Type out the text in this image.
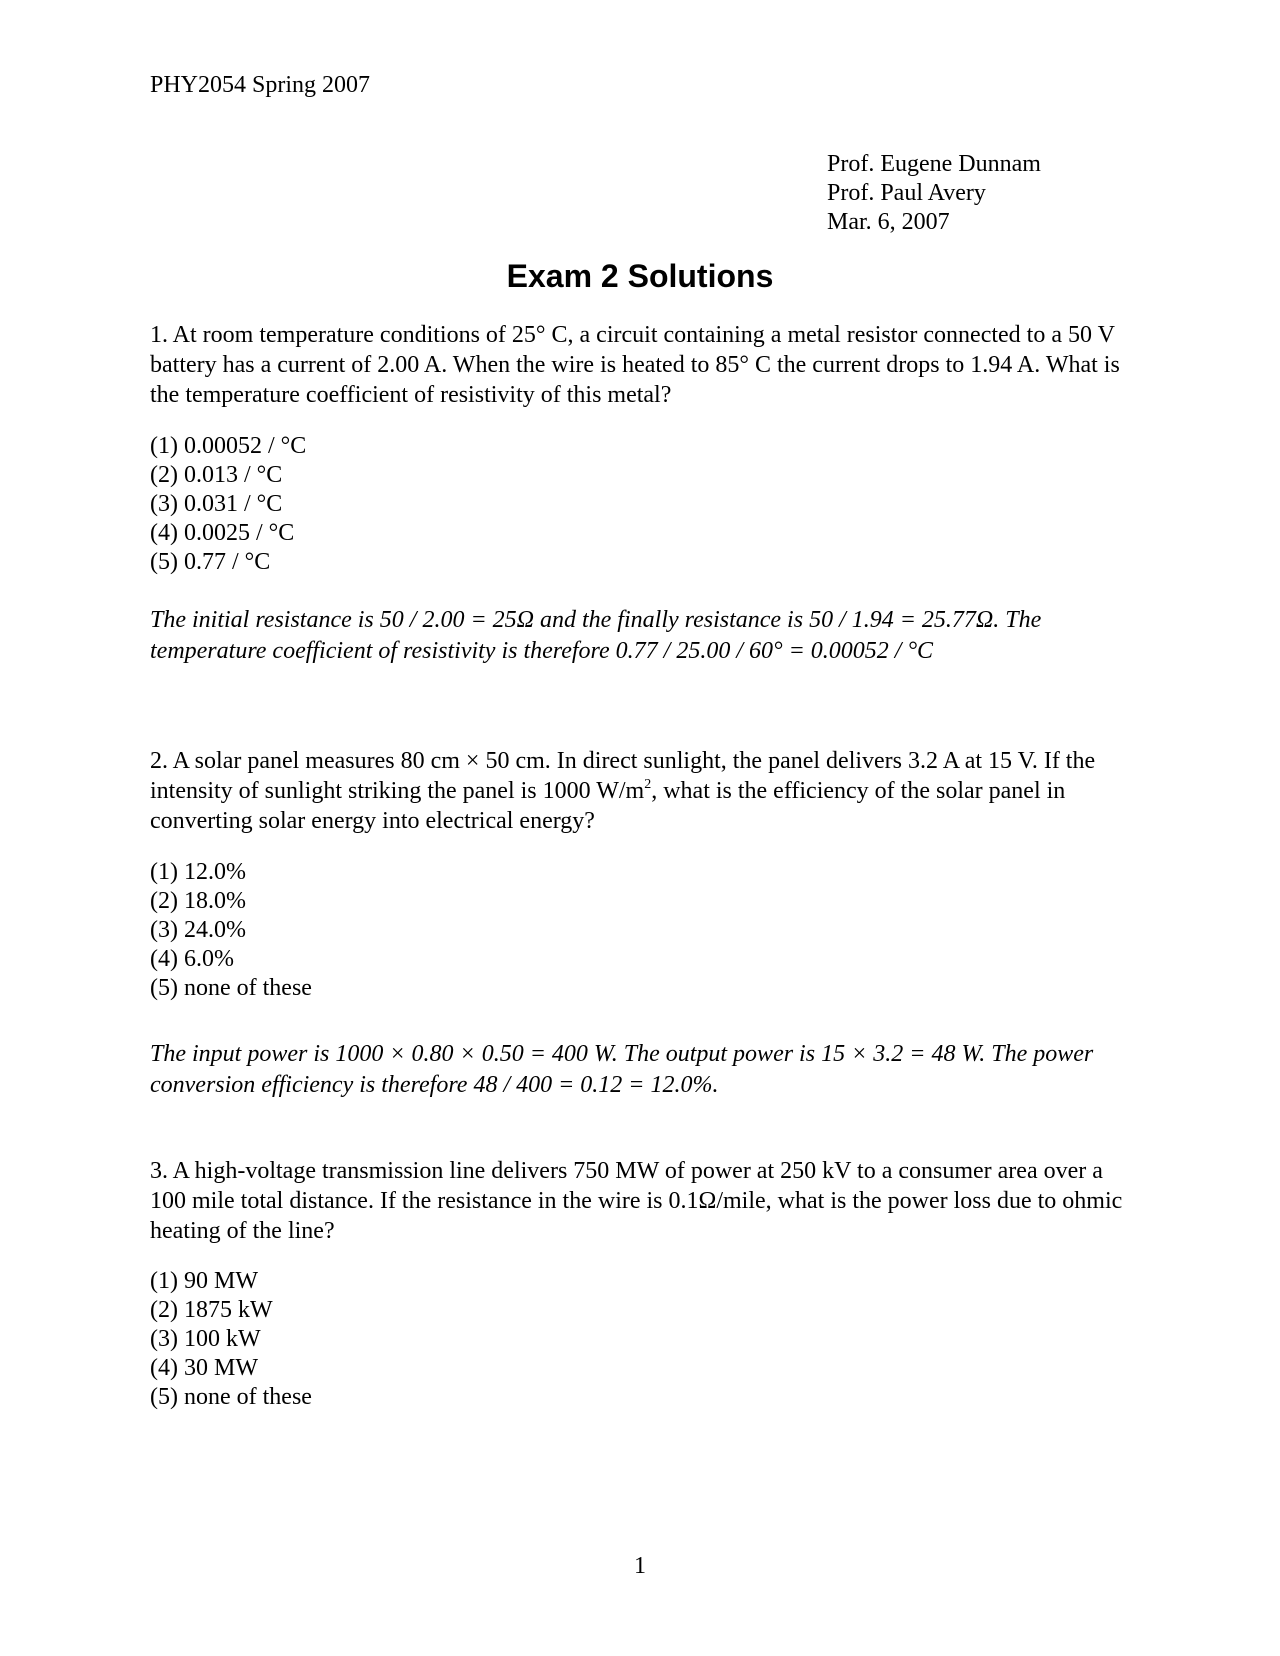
PHY2054 Spring 2007
Prof. Eugene Dunnam
Prof. Paul Avery
Mar. 6, 2007
Exam 2 Solutions

1. At room temperature conditions of 25° C, a circuit containing a metal resistor connected to a 50 V battery has a current of 2.00 A. When the wire is heated to 85° C the current drops to 1.94 A. What is the temperature coefficient of resistivity of this metal?

(1) 0.00052 / °C
(2) 0.013 / °C
(3) 0.031 / °C
(4) 0.0025 / °C
(5) 0.77 / °C
The initial resistance is 50 / 2.00 = 25Ω and the finally resistance is 50 / 1.94 = 25.77Ω. The temperature coefficient of resistivity is therefore 0.77 / 25.00 / 60° = 0.00052 / °C

2. A solar panel measures 80 cm × 50 cm. In direct sunlight, the panel delivers 3.2 A at 15 V. If the intensity of sunlight striking the panel is 1000 $W/m^2$, what is the efficiency of the solar panel in converting solar energy into electrical energy?

(1) 12.0%
(2) 18.0%
(3) 24.0%
(4) 6.0%
(5) none of these
The input power is 1000 × 0.80 × 0.50 = 400 W. The output power is 15 × 3.2 = 48 W. The power conversion efficiency is therefore 48 / 400 = 0.12 = 12.0%.

3. A high-voltage transmission line delivers 750 MW of power at 250 kV to a consumer area over a 100 mile total distance. If the resistance in the wire is 0.1Ω/mile, what is the power loss due to ohmic heating of the line?

(1) 90 MW
(2) 1875 kW
(3) 100 kW
(4) 30 MW
(5) none of these
1
